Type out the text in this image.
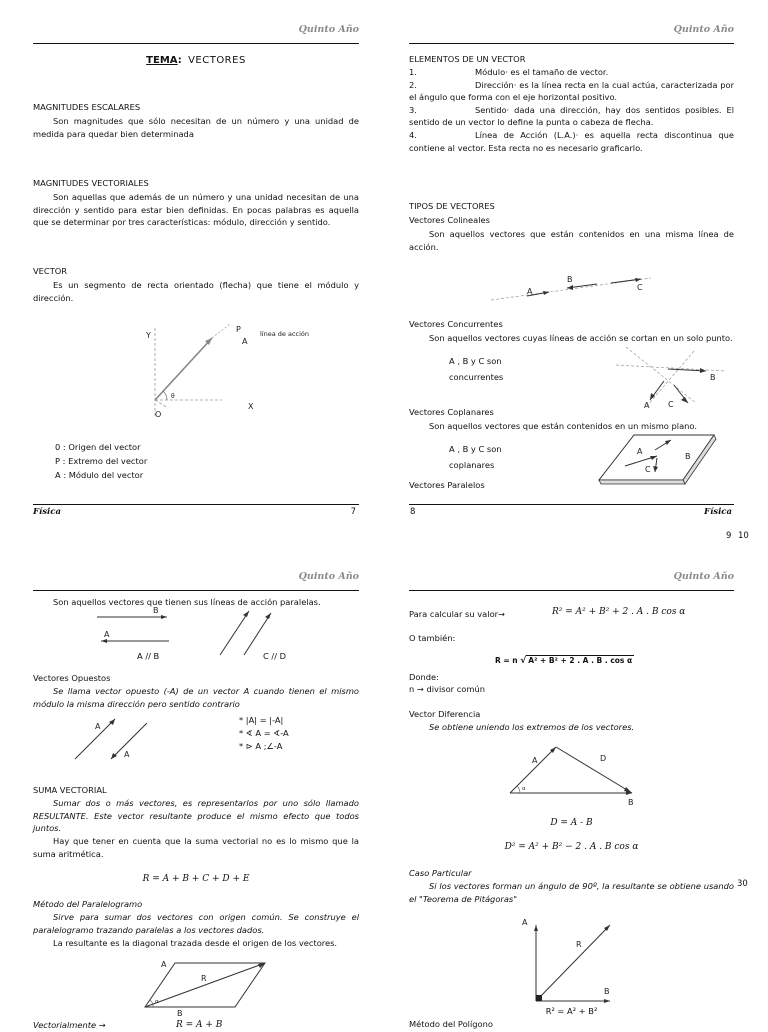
Quinto Año
TEMA: VECTORES
MAGNITUDES ESCALARES
Son magnitudes que sólo necesitan de un número y una unidad de medida para quedar bien determinada
MAGNITUDES VECTORIALES
Son aquellas que además de un número y una unidad necesitan de una dirección y sentido para estar bien definidas. En pocas palabras es aquella que se determinar por tres características: módulo, dirección y sentido.
VECTOR
Es un segmento de recta orientado (flecha) que tiene el módulo y dirección.
Y
X
P
O
A
θ
línea de acción
0 : Origen del vector
P : Extremo del vector
A : Módulo del vector
Física	7
Quinto Año
ELEMENTOS DE UN VECTOR
1.	Módulo· es el tamaño de vector.
2.	Dirección· es la línea recta en la cual actúa, caracterizada por el ángulo que forma con el eje horizontal positivo.
3.	Sentido· dada una dirección, hay dos sentidos posibles. El sentido de un vector lo define la punta o cabeza de flecha.
4.	Línea de Acción (L.A.)· es aquella recta discontinua que contiene al vector. Esta recta no es necesario graficarlo.
TIPOS DE VECTORES
Vectores Colineales
Son aquellos vectores que están contenidos en una misma línea de acción.
A
B
C
Vectores Concurrentes
Son aquellos vectores cuyas líneas de acción se cortan en un solo punto.
A , B y C son
concurrentes
A
B
C
Vectores Coplanares
Son aquellos vectores que están contenidos en un mismo plano.
A , B y C son
coplanares
A
B
C
Vectores Paralelos
8	Física
9 10
Quinto Año
Son aquellos vectores que tienen sus líneas de acción paralelas.
B
A
A // B	C // D
Vectores Opuestos
Se llama vector opuesto (-A) de un vector A cuando tienen el mismo módulo la misma dirección pero sentido contrario
A
A
* |A| = |-A|
* ∢ A = ∢-A
* ⊳ A ;∠-A
SUMA VECTORIAL
Sumar dos o más vectores, es representarlos por uno sólo llamado RESULTANTE. Este vector resultante produce el mismo efecto que todos juntos.
Hay que tener en cuenta que la suma vectorial no es lo mismo que la suma aritmética.
R = A + B + C + D + E
Método del Paralelogramo
Sirve para sumar dos vectores con origen común. Se construye el paralelogramo trazando paralelas a los vectores dados.
La resultante es la diagonal trazada desde el origen de los vectores.
A
R
B
α
Vectorialmente →	R = A + B
Quinto Año
Para calcular su valor→	R² = A² + B² + 2 . A . B cos α
O también:
R = n √ A² + B² + 2 . A . B . cos α
Donde:
n → divisor común
Vector Diferencia
Se obtiene uniendo los extremos de los vectores.
A	D
B
α
D = A - B
D² = A² + B² − 2 . A . B cos α
Caso Particular
Si los vectores forman un ángulo de 90º, la resultante se obtiene usando el "Teorema de Pitágoras"
A
R
B
R² = A² + B²
Método del Polígono
30
